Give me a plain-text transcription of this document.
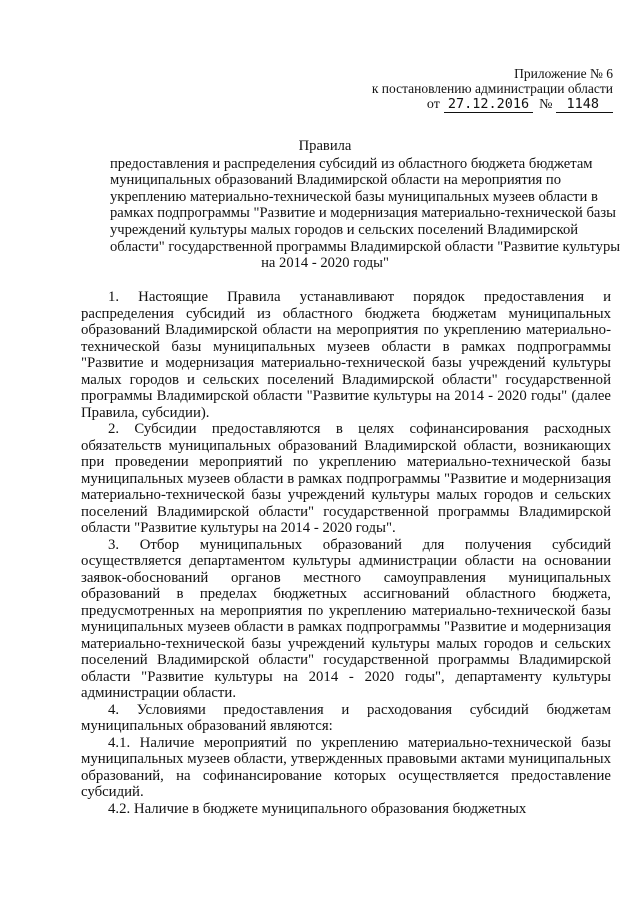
Приложение № 6
к постановлению администрации области
от 27.12.2016 №	1148
Правила
предоставления и распределения субсидий из областного бюджета бюджетам
муниципальных образований Владимирской области на мероприятия по
укреплению материально-технической базы муниципальных музеев области в
рамках подпрограммы "Развитие и модернизация материально-технической базы
учреждений культуры малых городов и сельских поселений Владимирской
области" государственной программы Владимирской области "Развитие культуры
на 2014 - 2020 годы"

1. Настоящие Правила устанавливают порядок предоставления и распределения субсидий из областного бюджета бюджетам муниципальных образований Владимирской области на мероприятия по укреплению материально-технической базы муниципальных музеев области в рамках подпрограммы "Развитие и модернизация материально-технической базы учреждений культуры малых городов и сельских поселений Владимирской области" государственной программы Владимирской области "Развитие культуры на 2014 - 2020 годы" (далее Правила, субсидии).

2. Субсидии предоставляются в целях софинансирования расходных обязательств муниципальных образований Владимирской области, возникающих при проведении мероприятий по укреплению материально-технической базы муниципальных музеев области в рамках подпрограммы "Развитие и модернизация материально-технической базы учреждений культуры малых городов и сельских поселений Владимирской области" государственной программы Владимирской области "Развитие культуры на 2014 - 2020 годы".

3. Отбор муниципальных образований для получения субсидий осуществляется департаментом культуры администрации области на основании заявок-обоснований органов местного самоуправления муниципальных образований в пределах бюджетных ассигнований областного бюджета, предусмотренных на мероприятия по укреплению материально-технической базы муниципальных музеев области в рамках подпрограммы "Развитие и модернизация материально-технической базы учреждений культуры малых городов и сельских поселений Владимирской области" государственной программы Владимирской области "Развитие культуры на 2014 - 2020 годы", департаменту культуры администрации области.

4. Условиями предоставления и расходования субсидий бюджетам муниципальных образований являются:

4.1. Наличие мероприятий по укреплению материально-технической базы муниципальных музеев области, утвержденных правовыми актами муниципальных образований, на софинансирование которых осуществляется предоставление субсидий.

4.2. Наличие в бюджете муниципального образования бюджетных
